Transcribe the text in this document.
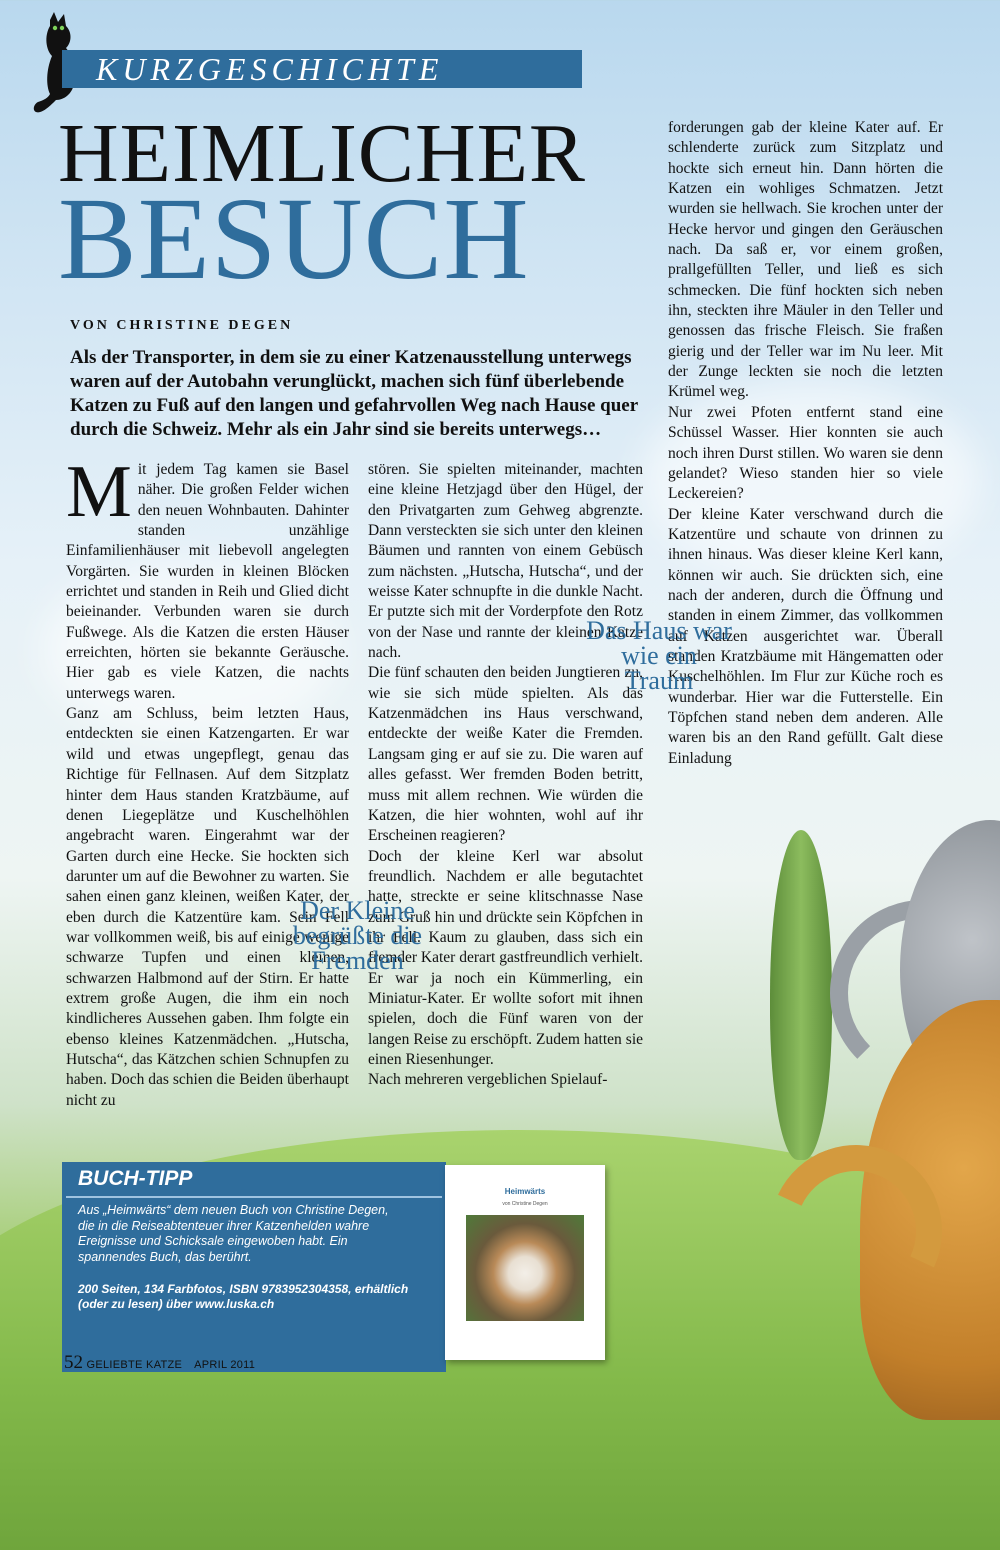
KURZGESCHICHTE
HEIMLICHER
BESUCH
VON CHRISTINE DEGEN
Als der Transporter, in dem sie zu einer Katzenausstellung unterwegs waren auf der Autobahn verunglückt, machen sich fünf überlebende Katzen zu Fuß auf den langen und gefahrvollen Weg nach Hause quer durch die Schweiz. Mehr als ein Jahr sind sie bereits unterwegs…

Mit jedem Tag kamen sie Basel näher. Die großen Felder wichen den neuen Wohnbauten. Dahinter standen unzählige Einfamilienhäuser mit liebevoll angelegten Vorgärten. Sie wurden in kleinen Blöcken errichtet und standen in Reih und Glied dicht beieinander. Verbunden waren sie durch Fußwege. Als die Katzen die ersten Häuser erreichten, hörten sie bekannte Geräusche. Hier gab es viele Katzen, die nachts unterwegs waren.

Ganz am Schluss, beim letzten Haus, entdeckten sie einen Katzengarten. Er war wild und etwas ungepflegt, genau das Richtige für Fellnasen. Auf dem Sitzplatz hinter dem Haus standen Kratzbäume, auf denen Liegeplätze und Kuschelhöhlen angebracht waren. Eingerahmt war der Garten durch eine Hecke. Sie hockten sich darunter um auf die Bewohner zu warten. Sie sahen einen ganz kleinen, weißen Kater, der eben durch die Katzentüre kam. Sein Fell war vollkommen weiß, bis auf einige wenige schwarze Tupfen und einen kleinen, schwarzen Halbmond auf der Stirn. Er hatte extrem große Augen, die ihm ein noch kindlicheres Aussehen gaben. Ihm folgte ein ebenso kleines Katzenmädchen. „Hutscha, Hutscha“, das Kätzchen schien Schnupfen zu haben. Doch das schien die Beiden überhaupt nicht zu

stören. Sie spielten miteinander, machten eine kleine Hetzjagd über den Hügel, der den Privatgarten zum Gehweg abgrenzte. Dann versteckten sie sich unter den kleinen Bäumen und rannten von einem Gebüsch zum nächsten. „Hutscha, Hutscha“, und der weisse Kater schnupfte in die dunkle Nacht. Er putzte sich mit der Vorderpfote den Rotz von der Nase und rannte der kleinen Katze nach.

Die fünf schauten den beiden Jungtieren zu, wie sie sich müde spielten. Als das Katzenmädchen ins Haus verschwand, entdeckte der weiße Kater die Fremden. Langsam ging er auf sie zu. Die waren auf alles gefasst. Wer fremden Boden betritt, muss mit allem rechnen. Wie würden die Katzen, die hier wohnten, wohl auf ihr Erscheinen reagieren?

Doch der kleine Kerl war absolut freundlich. Nachdem er alle begutachtet hatte, streckte er seine klitschnasse Nase zum Gruß hin und drückte sein Köpfchen in ihr Fell. Kaum zu glauben, dass sich ein fremder Kater derart gastfreundlich verhielt. Er war ja noch ein Kümmerling, ein Miniatur-Kater. Er wollte sofort mit ihnen spielen, doch die Fünf waren von der langen Reise zu erschöpft. Zudem hatten sie einen Riesenhunger.

Nach mehreren vergeblichen Spielauf-

forderungen gab der kleine Kater auf. Er schlenderte zurück zum Sitzplatz und hockte sich erneut hin. Dann hörten die Katzen ein wohliges Schmatzen. Jetzt wurden sie hellwach. Sie krochen unter der Hecke hervor und gingen den Geräuschen nach. Da saß er, vor einem großen, prallgefüllten Teller, und ließ es sich schmecken. Die fünf hockten sich neben ihn, steckten ihre Mäuler in den Teller und genossen das frische Fleisch. Sie fraßen gierig und der Teller war im Nu leer. Mit der Zunge leckten sie noch die letzten Krümel weg.

Nur zwei Pfoten entfernt stand eine Schüssel Wasser. Hier konnten sie auch noch ihren Durst stillen. Wo waren sie denn gelandet? Wieso standen hier so viele Leckereien?

Der kleine Kater verschwand durch die Katzentüre und schaute von drinnen zu ihnen hinaus. Was dieser kleine Kerl kann, können wir auch. Sie drückten sich, eine nach der anderen, durch die Öffnung und standen in einem Zimmer, das vollkommen auf Katzen ausgerichtet war. Überall standen Kratzbäume mit Hängematten oder Kuschelhöhlen. Im Flur zur Küche roch es wunderbar. Hier war die Futterstelle. Ein Töpfchen stand neben dem anderen. Alle waren bis an den Rand gefüllt. Galt diese Einladung

Der Kleine begrüßte die Fremden
Das Haus war wie ein Traum
BUCH-TIPP
Aus „Heimwärts“ dem neuen Buch von Christine Degen, die in die Reiseabtenteuer ihrer Katzenhelden wahre Ereignisse und Schicksale eingewoben habt. Ein spannendes Buch, das berührt.
200 Seiten, 134 Farbfotos, ISBN 9783952304358, erhältlich (oder zu lesen) über www.luska.ch
Heimwärts
von Christine Degen
52 GELIEBTE KATZE • APRIL 2011
